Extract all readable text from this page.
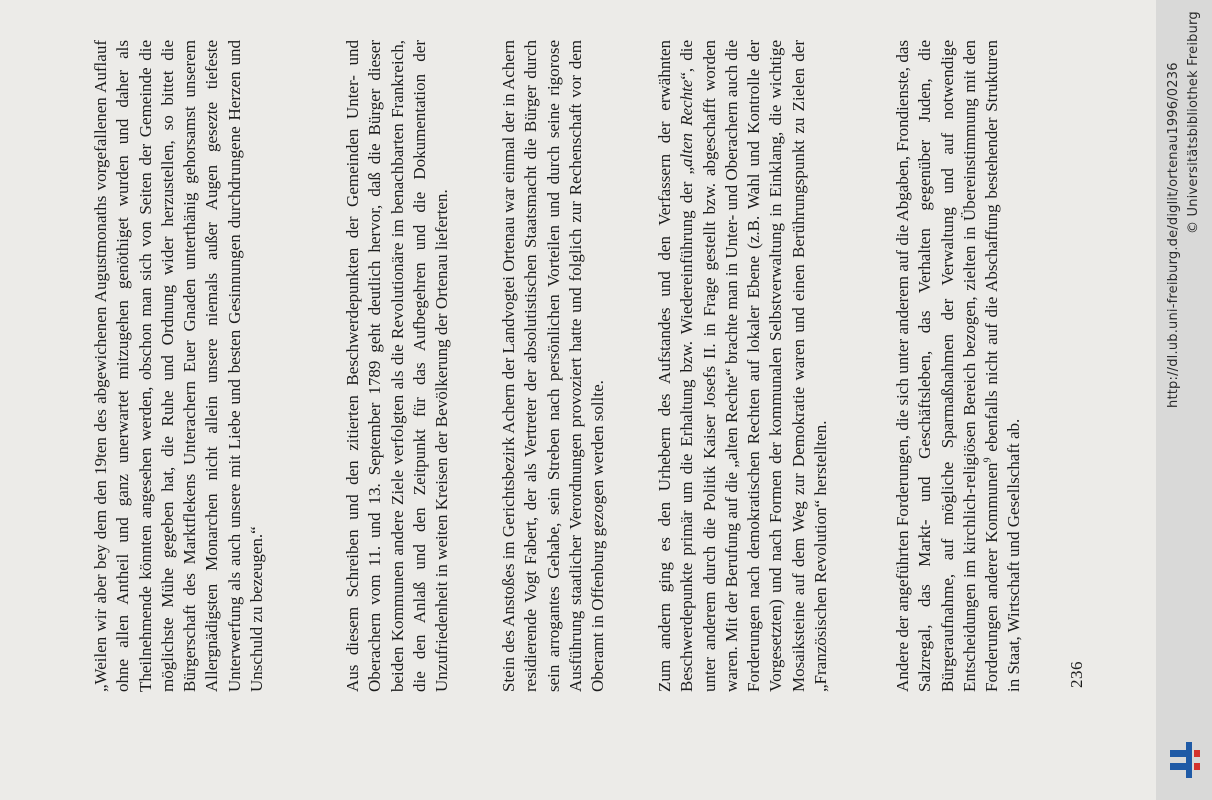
„Weilen wir aber bey dem den 19ten des abgewichenen Augustmonaths vorgefallenen Auflauf ohne allen Antheil und ganz unerwartet mitzugehen genöthiget wurden und daher als Theilnehmende könnten angesehen werden, obschon man sich von Seiten der Gemeinde die möglichste Mühe gegeben hat, die Ruhe und Ordnung wider herzustellen, so bittet die Bürgerschaft des Marktflekens Unterachern Euer Gnaden unterthänig gehorsamst unserem Allergnädigsten Monarchen nicht allein unsere niemals außer Augen gesezte tiefeste Unterwerfung als auch unsere mit Liebe und besten Gesinnungen durchdrungene Herzen und Unschuld zu bezeugen.“	Aus diesem Schreiben und den zitierten Beschwerdepunkten der Gemeinden Unter- und Oberachern vom 11. und 13. September 1789 geht deutlich hervor, daß die Bürger dieser beiden Kommunen andere Ziele verfolgten als die Revolutionäre im benachbarten Frankreich, die den Anlaß und den Zeitpunkt für das Aufbegehren und die Dokumentation der Unzufriedenheit in weiten Kreisen der Bevölkerung der Ortenau lieferten.	Stein des Anstoßes im Gerichtsbezirk Achern der Landvogtei Ortenau war einmal der in Achern residierende Vogt Fabert, der als Vertreter der absolutistischen Staatsmacht die Bürger durch sein arrogantes Gehabe, sein Streben nach persönlichen Vorteilen und durch seine rigorose Ausführung staatlicher Verordnungen provoziert hatte und folglich zur Rechenschaft vor dem Oberamt in Offenburg gezogen werden sollte.	Zum andern ging es den Urhebern des Aufstandes und den Verfassern der erwähnten Beschwerdepunkte primär um die Erhaltung bzw. Wiedereinführung der „alten Rechte“, die unter anderem durch die Politik Kaiser Josefs II. in Frage gestellt bzw. abgeschafft worden waren. Mit der Berufung auf die „alten Rechte“ brachte man in Unter- und Oberachern auch die Forderungen nach demokratischen Rechten auf lokaler Ebene (z.B. Wahl und Kontrolle der Vorgesetzten) und nach Formen der kommunalen Selbstverwaltung in Einklang, die wichtige Mosaiksteine auf dem Weg zur Demokratie waren und einen Berührungspunkt zu Zielen der „Französischen Revolution“ herstellten.	Andere der angeführten Forderungen, die sich unter anderem auf die Abgaben, Frondienste, das Salzregal, das Markt- und Geschäftsleben, das Verhalten gegenüber Juden, die Bürgeraufnahme, auf mögliche Sparmaßnahmen der Verwaltung und auf notwendige Entscheidungen im kirchlich-religiösen Bereich bezogen, zielten in Übereinstimmung mit den Forderungen anderer Kommunen$^9$ ebenfalls nicht auf die Abschaffung bestehender Strukturen in Staat, Wirtschaft und Gesellschaft ab.	236
http://dl.ub.uni-freiburg.de/diglit/ortenau1996/0236 © Universitätsbibliothek Freiburg
